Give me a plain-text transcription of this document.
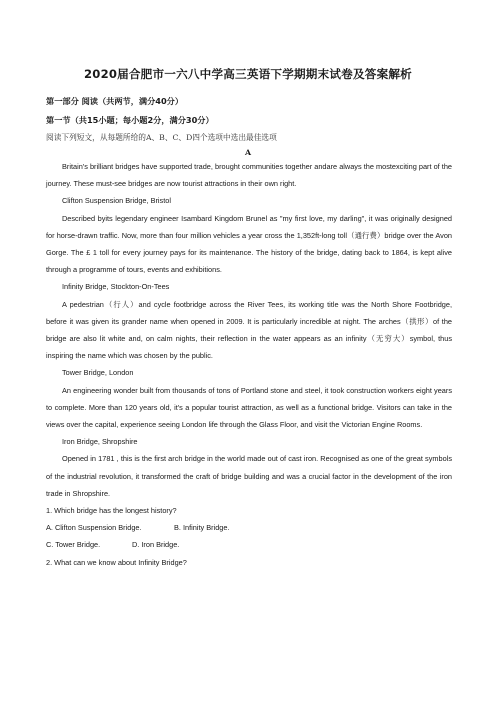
2020届合肥市一六八中学高三英语下学期期末试卷及答案解析
第一部分 阅读（共两节，满分40分）
第一节（共15小题；每小题2分，满分30分）
阅读下列短文，从每题所给的A、B、C、D四个选项中选出最佳选项
A

Britain's brilliant bridges have supported trade, brought communities together andare always the mostexciting part of the journey. These must-see bridges are now tourist attractions in their own right.

Clifton Suspension Bridge, Bristol

Described byits legendary engineer Isambard Kingdom Brunel as "my first love, my darling", it was originally designed for horse-drawn traffic. Now, more than four million vehicles a year cross the 1,352ft-long toll（通行费）bridge over the Avon Gorge. The £ 1 toll for every journey pays for its maintenance. The history of the bridge, dating back to 1864, is kept alive through a programme of tours, events and exhibitions.

Infinity Bridge, Stockton-On-Tees

A pedestrian（行人）and cycle footbridge across the River Tees, its working title was the North Shore Footbridge, before it was given its grander name when opened in 2009. It is particularly incredible at night. The arches（拱形）of the bridge are also lit white and, on calm nights, their reflection in the water appears as an infinity（无穷大）symbol, thus inspiring the name which was chosen by the public.

Tower Bridge, London

An engineering wonder built from thousands of tons of Portland stone and steel, it took construction workers eight years to complete. More than 120 years old, it's a popular tourist attraction, as well as a functional bridge. Visitors can take in the views over the capital, experience seeing London life through the Glass Floor, and visit the Victorian Engine Rooms.

Iron Bridge, Shropshire

Opened in 1781 , this is the first arch bridge in the world made out of cast iron. Recognised as one of the great symbols of the industrial revolution, it transformed the craft of bridge building and was a crucial factor in the development of the iron trade in Shropshire.

1. Which bridge has the longest history?

A. Clifton Suspension Bridge.	B. Infinity Bridge.

C. Tower Bridge.	D. Iron Bridge.

2. What can we know about Infinity Bridge?
